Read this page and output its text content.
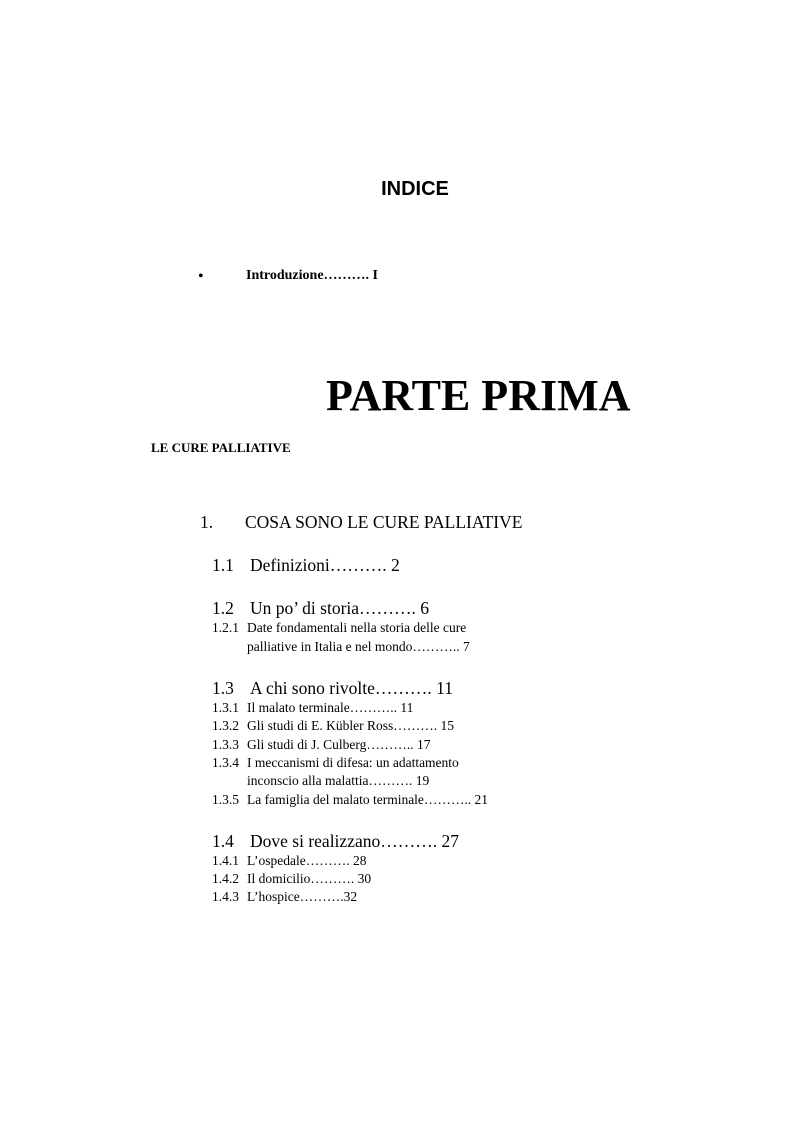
INDICE
•	Introduzione………. I
PARTE PRIMA
LE CURE PALLIATIVE
1. COSA SONO LE CURE PALLIATIVE
1.1 Definizioni………. 2
1.2 Un po’ di storia………. 6
1.2.1 Date fondamentali nella storia delle cure
palliative in Italia e nel mondo……….. 7
1.3 A chi sono rivolte………. 11
1.3.1 Il malato terminale……….. 11
1.3.2 Gli studi di E. Kübler Ross………. 15
1.3.3 Gli studi di J. Culberg……….. 17
1.3.4 I meccanismi di difesa: un adattamento
inconscio alla malattia………. 19
1.3.5 La famiglia del malato terminale……….. 21
1.4 Dove si realizzano………. 27
1.4.1 L’ospedale………. 28
1.4.2 Il domicilio………. 30
1.4.3 L’hospice……….32
